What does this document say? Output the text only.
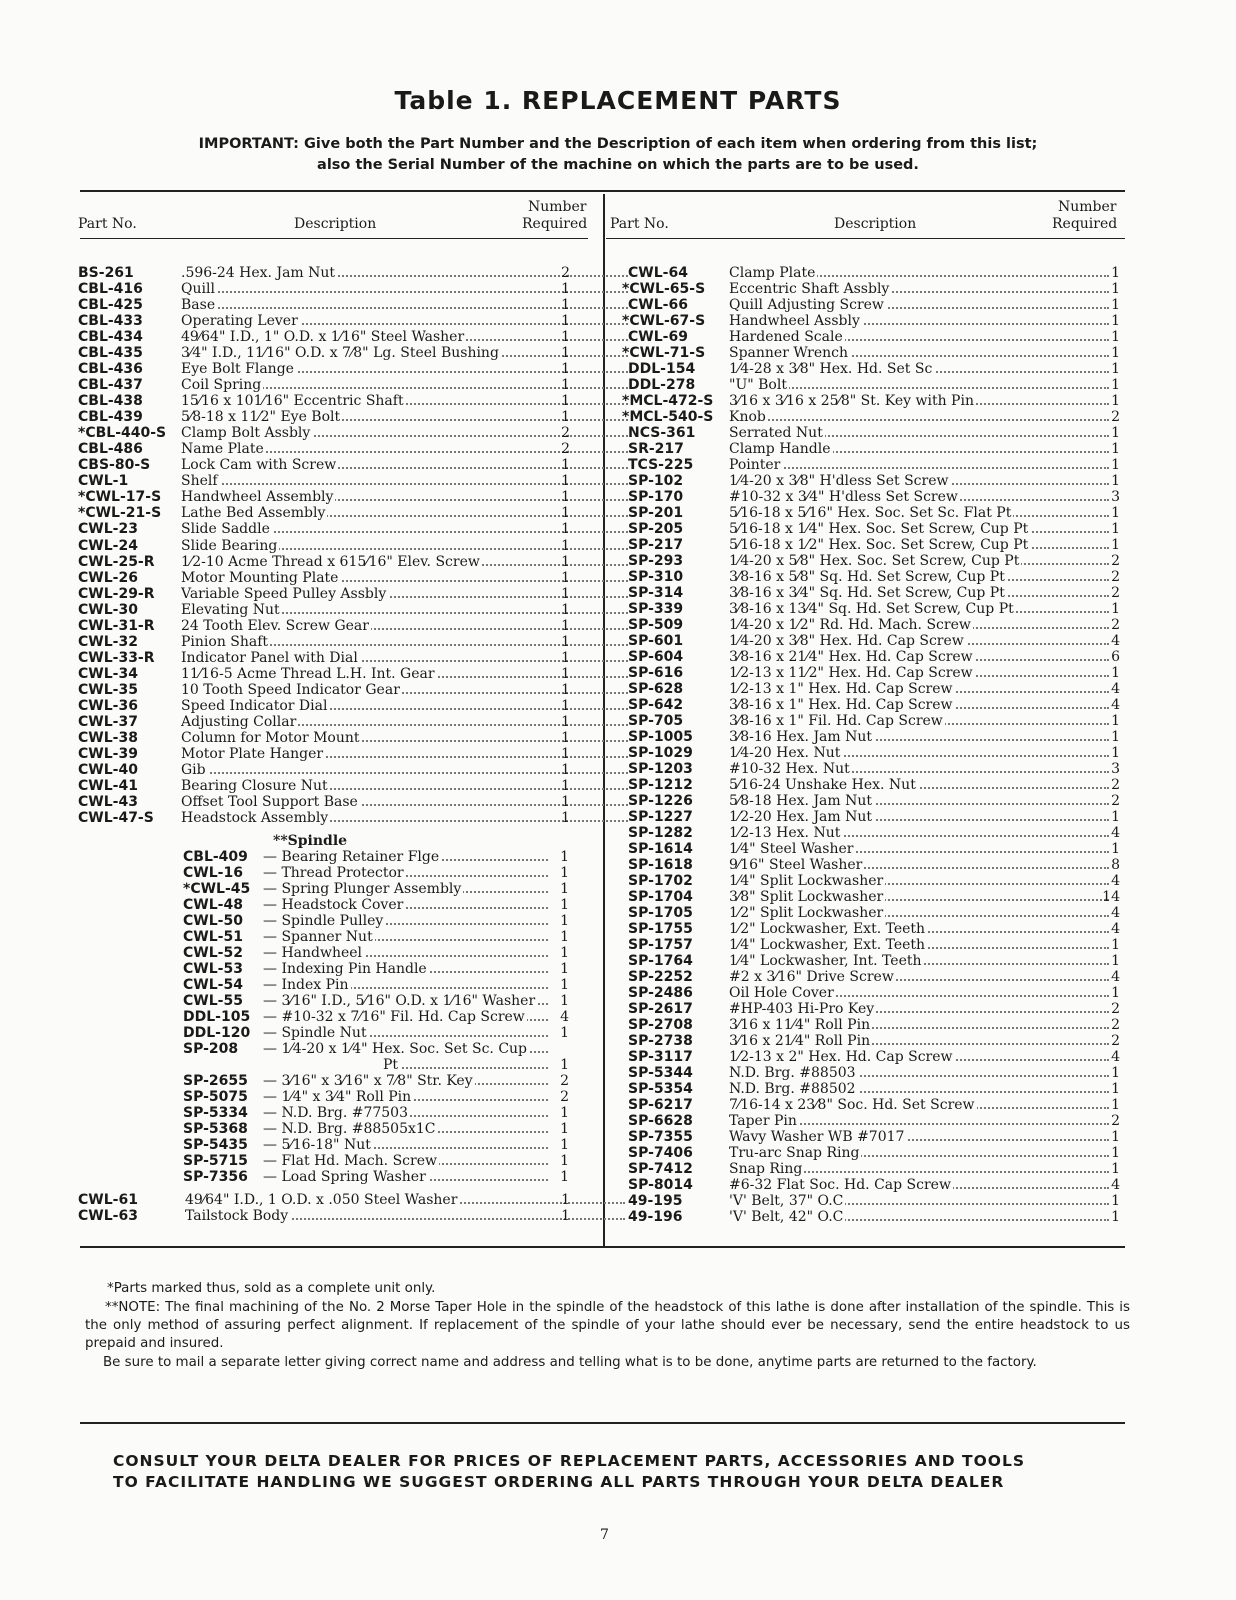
Table 1. REPLACEMENT PARTS
IMPORTANT: Give both the Part Number and the Description of each item when ordering from this list;
also the Serial Number of the machine on which the parts are to be used.
Part No.	Description
Number
Required Part No.	Description
Number
Required
**Spindle
BS-261	.596-24 Hex. Jam Nut	2
CBL-416	Quill	1
CBL-425	Base	1
CBL-433	Operating Lever	1
CBL-434	49⁄64" I.D., 1" O.D. x 1⁄16" Steel Washer	1
CBL-435	3⁄4" I.D., 11⁄16" O.D. x 7⁄8" Lg. Steel Bushing	1
CBL-436	Eye Bolt Flange	1
CBL-437	Coil Spring	1
CBL-438	15⁄16 x 101⁄16" Eccentric Shaft	1
CBL-439	5⁄8-18 x 11⁄2" Eye Bolt	1
*CBL-440-S Clamp Bolt Assbly	2
CBL-486	Name Plate	2
CBS-80-S Lock Cam with Screw	1
CWL-1	Shelf	1
*CWL-17-S Handwheel Assembly	1
*CWL-21-S Lathe Bed Assembly	1
CWL-23	Slide Saddle	1
CWL-24	Slide Bearing	1
CWL-25-R 1⁄2-10 Acme Thread x 615⁄16" Elev. Screw	1
CWL-26	Motor Mounting Plate	1
CWL-29-R Variable Speed Pulley Assbly	1
CWL-30	Elevating Nut	1
CWL-31-R 24 Tooth Elev. Screw Gear	1
CWL-32	Pinion Shaft	1
CWL-33-R Indicator Panel with Dial	1
CWL-34	11⁄16-5 Acme Thread L.H. Int. Gear	1
CWL-35	10 Tooth Speed Indicator Gear	1
CWL-36	Speed Indicator Dial	1
CWL-37	Adjusting Collar	1
CWL-38	Column for Motor Mount	1
CWL-39	Motor Plate Hanger	1
CWL-40	Gib	1
CWL-41	Bearing Closure Nut	1
CWL-43	Offset Tool Support Base	1
CWL-47-S Headstock Assembly	1
CBL-409 — Bearing Retainer Flge	1
CWL-16 — Thread Protector	1
*CWL-45 — Spring Plunger Assembly	1
CWL-48 — Headstock Cover	1
CWL-50 — Spindle Pulley	1
CWL-51 — Spanner Nut	1
CWL-52 — Handwheel	1
CWL-53 — Indexing Pin Handle	1
CWL-54 — Index Pin	1
CWL-55 — 3⁄16" I.D., 5⁄16" O.D. x 1⁄16" Washer	1
DDL-105 — #10-32 x 7⁄16" Fil. Hd. Cap Screw	4
DDL-120 — Spindle Nut	1
SP-208 — 1⁄4-20 x 1⁄4" Hex. Soc. Set Sc. Cup
Pt	1
SP-2655 — 3⁄16" x 3⁄16" x 7⁄8" Str. Key	2
SP-5075 — 1⁄4" x 3⁄4" Roll Pin	2
SP-5334 — N.D. Brg. #77503	1
SP-5368 — N.D. Brg. #88505x1C	1
SP-5435 — 5⁄16-18" Nut	1
SP-5715 — Flat Hd. Mach. Screw	1
SP-7356 — Load Spring Washer	1
CWL-61	49⁄64" I.D., 1 O.D. x .050 Steel Washer	1
CWL-63	Tailstock Body	1
CWL-64	Clamp Plate	1
*CWL-65-S Eccentric Shaft Assbly	1
CWL-66	Quill Adjusting Screw	1
*CWL-67-S Handwheel Assbly	1
CWL-69	Hardened Scale	1
*CWL-71-S Spanner Wrench	1
DDL-154 1⁄4-28 x 3⁄8" Hex. Hd. Set Sc	1
DDL-278 "U" Bolt	1
*MCL-472-S 3⁄16 x 3⁄16 x 25⁄8" St. Key with Pin	1
*MCL-540-S Knob	2
NCS-361 Serrated Nut	1
SR-217	Clamp Handle	1
TCS-225	Pointer	1
SP-102	1⁄4-20 x 3⁄8" H'dless Set Screw	1
SP-170	#10-32 x 3⁄4" H'dless Set Screw	3
SP-201	5⁄16-18 x 5⁄16" Hex. Soc. Set Sc. Flat Pt	1
SP-205	5⁄16-18 x 1⁄4" Hex. Soc. Set Screw, Cup Pt	1
SP-217	5⁄16-18 x 1⁄2" Hex. Soc. Set Screw, Cup Pt	1
SP-293	1⁄4-20 x 5⁄8" Hex. Soc. Set Screw, Cup Pt	2
SP-310	3⁄8-16 x 5⁄8" Sq. Hd. Set Screw, Cup Pt	2
SP-314	3⁄8-16 x 3⁄4" Sq. Hd. Set Screw, Cup Pt	2
SP-339	3⁄8-16 x 13⁄4" Sq. Hd. Set Screw, Cup Pt	1
SP-509	1⁄4-20 x 1⁄2" Rd. Hd. Mach. Screw	2
SP-601	1⁄4-20 x 3⁄8" Hex. Hd. Cap Screw	4
SP-604	3⁄8-16 x 21⁄4" Hex. Hd. Cap Screw	6
SP-616	1⁄2-13 x 11⁄2" Hex. Hd. Cap Screw	1
SP-628	1⁄2-13 x 1" Hex. Hd. Cap Screw	4
SP-642	3⁄8-16 x 1" Hex. Hd. Cap Screw	4
SP-705	3⁄8-16 x 1" Fil. Hd. Cap Screw	1
SP-1005	3⁄8-16 Hex. Jam Nut	1
SP-1029	1⁄4-20 Hex. Nut	1
SP-1203	#10-32 Hex. Nut	3
SP-1212	5⁄16-24 Unshake Hex. Nut	2
SP-1226	5⁄8-18 Hex. Jam Nut	2
SP-1227	1⁄2-20 Hex. Jam Nut	1
SP-1282	1⁄2-13 Hex. Nut	4
SP-1614	1⁄4" Steel Washer	1
SP-1618	9⁄16" Steel Washer	8
SP-1702	1⁄4" Split Lockwasher	4
SP-1704	3⁄8" Split Lockwasher	14
SP-1705	1⁄2" Split Lockwasher	4
SP-1755	1⁄2" Lockwasher, Ext. Teeth	4
SP-1757	1⁄4" Lockwasher, Ext. Teeth	1
SP-1764	1⁄4" Lockwasher, Int. Teeth	1
SP-2252	#2 x 3⁄16" Drive Screw	4
SP-2486	Oil Hole Cover	1
SP-2617	#HP-403 Hi-Pro Key	2
SP-2708	3⁄16 x 11⁄4" Roll Pin	2
SP-2738	3⁄16 x 21⁄4" Roll Pin	2
SP-3117	1⁄2-13 x 2" Hex. Hd. Cap Screw	4
SP-5344	N.D. Brg. #88503	1
SP-5354	N.D. Brg. #88502	1
SP-6217	7⁄16-14 x 23⁄8" Soc. Hd. Set Screw	1
SP-6628	Taper Pin	2
SP-7355	Wavy Washer WB #7017	1
SP-7406	Tru-arc Snap Ring	1
SP-7412	Snap Ring	1
SP-8014	#6-32 Flat Soc. Hd. Cap Screw	4
49-195	'V' Belt, 37" O.C	1
49-196	'V' Belt, 42" O.C	1
*Parts marked thus, sold as a complete unit only.
**NOTE: The final machining of the No. 2 Morse Taper Hole in the spindle of the headstock of this lathe is done after installation of the spindle. This is the only method of assuring perfect alignment. If replacement of the spindle of your lathe should ever be necessary, send the entire headstock to us prepaid and insured.
Be sure to mail a separate letter giving correct name and address and telling what is to be done, anytime parts are returned to the factory.
CONSULT YOUR DELTA DEALER FOR PRICES OF REPLACEMENT PARTS, ACCESSORIES AND TOOLS
TO FACILITATE HANDLING WE SUGGEST ORDERING ALL PARTS THROUGH YOUR DELTA DEALER
7
